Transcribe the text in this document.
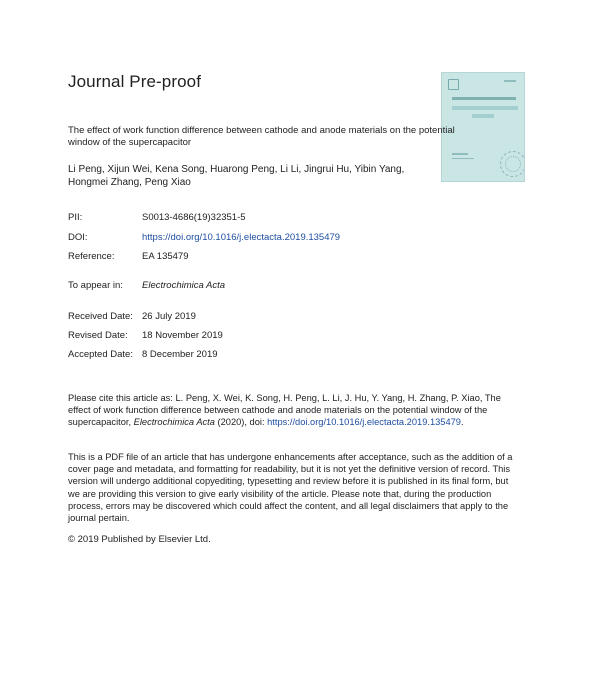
Journal Pre-proof
The effect of work function difference between cathode and anode materials on the potential window of the supercapacitor
Li Peng, Xijun Wei, Kena Song, Huarong Peng, Li Li, Jingrui Hu, Yibin Yang, Hongmei Zhang, Peng Xiao
PII:	S0013-4686(19)32351-5
DOI:	https://doi.org/10.1016/j.electacta.2019.135479
Reference:	EA 135479
To appear in: Electrochimica Acta
Received Date: 26 July 2019
Revised Date: 18 November 2019
Accepted Date: 8 December 2019
Please cite this article as: L. Peng, X. Wei, K. Song, H. Peng, L. Li, J. Hu, Y. Yang, H. Zhang, P. Xiao, The effect of work function difference between cathode and anode materials on the potential window of the supercapacitor, Electrochimica Acta (2020), doi: https://doi.org/10.1016/j.electacta.2019.135479.
This is a PDF file of an article that has undergone enhancements after acceptance, such as the addition of a cover page and metadata, and formatting for readability, but it is not yet the definitive version of record. This version will undergo additional copyediting, typesetting and review before it is published in its final form, but we are providing this version to give early visibility of the article. Please note that, during the production process, errors may be discovered which could affect the content, and all legal disclaimers that apply to the journal pertain.
© 2019 Published by Elsevier Ltd.
